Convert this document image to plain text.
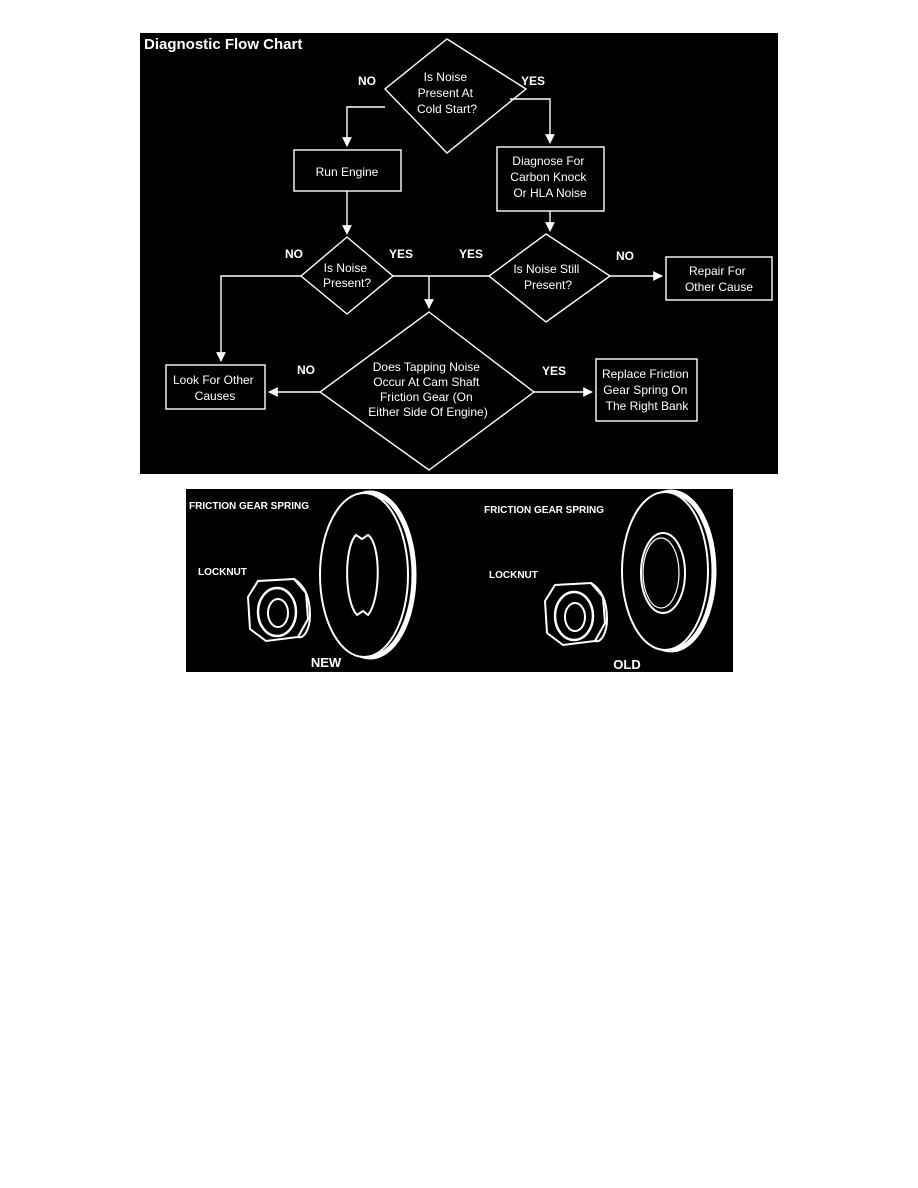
Diagnostic Flow Chart
Is Noise Present At Cold Start?
Run Engine
Diagnose For Carbon Knock Or HLA Noise
Is Noise Present?
Is Noise Still Present?
Repair For Other Cause
Does Tapping Noise Occur At Cam Shaft Friction Gear (On Either Side Of Engine)
Look For Other Causes
Replace Friction Gear Spring On The Right Bank
NO	YES
NO	YES	YES	NO
NO	YES
FRICTION GEAR SPRING
LOCKNUT
NEW
FRICTION GEAR SPRING
LOCKNUT
OLD
